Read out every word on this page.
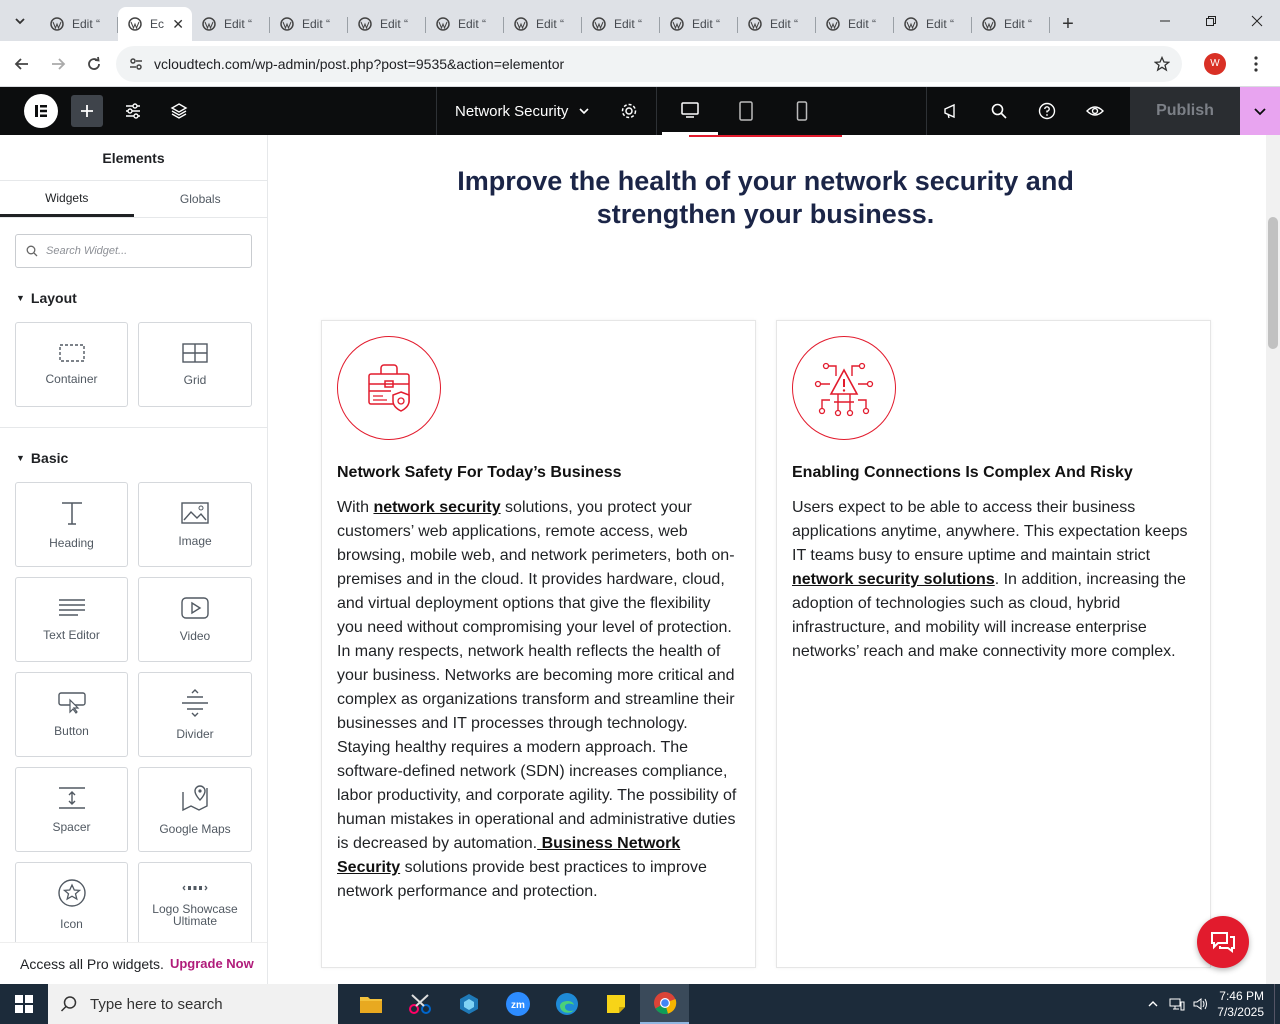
Edit “	Ec ✕	Edit “	Edit “	Edit “	Edit “	Edit “	Edit “	Edit “	Edit “	Edit “	Edit “	Edit “ +
vcloudtech.com/wp-admin/post.php?post=9535&action=elementor	W
Network Security	Publish
Elements
Widgets	Globals
Search Widget...
▼ Layout
Container	Grid
▼ Basic
Heading	Image
Text Editor	Video
Button	Divider
Spacer	Google Maps
Icon
Logo Showcase Ultimate
Access all Pro widgets. Upgrade Now
Improve the health of your network security and
strengthen your business.
Network Safety For Today’s Business
With network security solutions, you protect your customers’ web applications, remote access, web browsing, mobile web, and network perimeters, both on-premises and in the cloud. It provides hardware, cloud, and virtual deployment options that give the flexibility you need without compromising your level of protection. In many respects, network health reflects the health of your business. Networks are becoming more critical and complex as organizations transform and streamline their businesses and IT processes through technology. Staying healthy requires a modern approach. The software-defined network (SDN) increases compliance, labor productivity, and corporate agility. The possibility of human mistakes in operational and administrative duties is decreased by automation. Business Network Security solutions provide best practices to improve network performance and protection.
Enabling Connections Is Complex And Risky
Users expect to be able to access their business applications anytime, anywhere. This expectation keeps IT teams busy to ensure uptime and maintain strict network security solutions. In addition, increasing the adoption of technologies such as cloud, hybrid infrastructure, and mobility will increase enterprise networks’ reach and make connectivity more complex.
Type here to search	zm
7:46 PM
7/3/2025
